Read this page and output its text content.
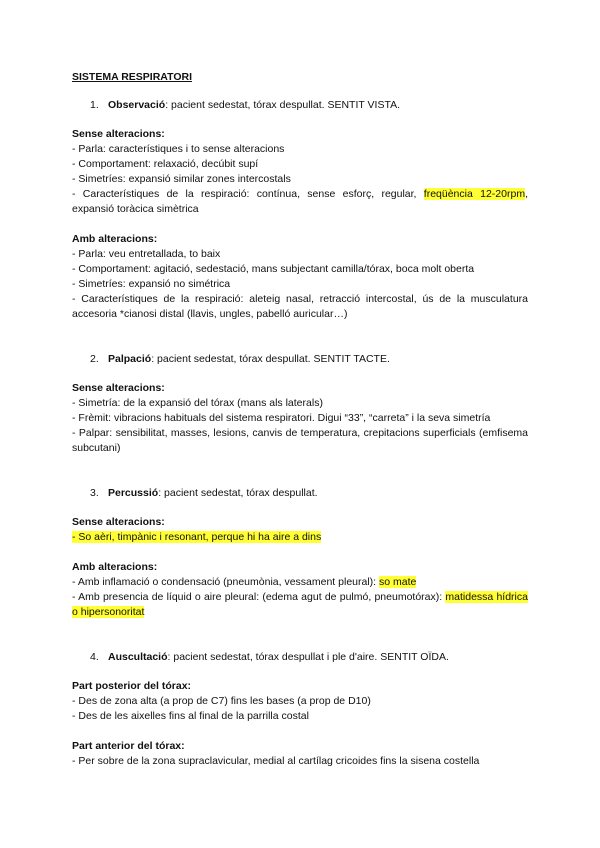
SISTEMA RESPIRATORI
1. Observació: pacient sedestat, tórax despullat. SENTIT VISTA.
Sense alteracions:
- Parla: característiques i to sense alteracions
- Comportament: relaxació, decúbit supí
- Simetríes: expansió similar zones intercostals
- Característiques de la respiració: contínua, sense esforç, regular, freqüència 12-20rpm, expansió toràcica simètrica
Amb alteracions:
- Parla: veu entretallada, to baix
- Comportament: agitació, sedestació, mans subjectant camilla/tórax, boca molt oberta
- Simetríes: expansió no simétrica
- Característiques de la respiració: aleteig nasal, retracció intercostal, ús de la musculatura accesoria *cianosi distal (llavis, ungles, pabelló auricular…)
2. Palpació: pacient sedestat, tórax despullat. SENTIT TACTE.
Sense alteracions:
- Simetría: de la expansió del tórax (mans als laterals)
- Frèmit: vibracions habituals del sistema respiratori. Digui “33”, “carreta” i la seva simetría
- Palpar: sensibilitat, masses, lesions, canvis de temperatura, crepitacions superficials (emfisema subcutani)
3. Percussió: pacient sedestat, tórax despullat.
Sense alteracions:
- So aèri, timpànic i resonant, perque hi ha aire a dins
Amb alteracions:
- Amb inflamació o condensació (pneumònia, vessament pleural): so mate
- Amb presencia de líquid o aire pleural: (edema agut de pulmó, pneumotórax): matidessa hídrica o hipersonoritat
4. Auscultació: pacient sedestat, tórax despullat i ple d'aire. SENTIT OÏDA.
Part posterior del tórax:
- Des de zona alta (a prop de C7) fins les bases (a prop de D10)
- Des de les aixelles fins al final de la parrilla costal
Part anterior del tórax:
- Per sobre de la zona supraclavicular, medial al cartílag cricoides fins la sisena costella
